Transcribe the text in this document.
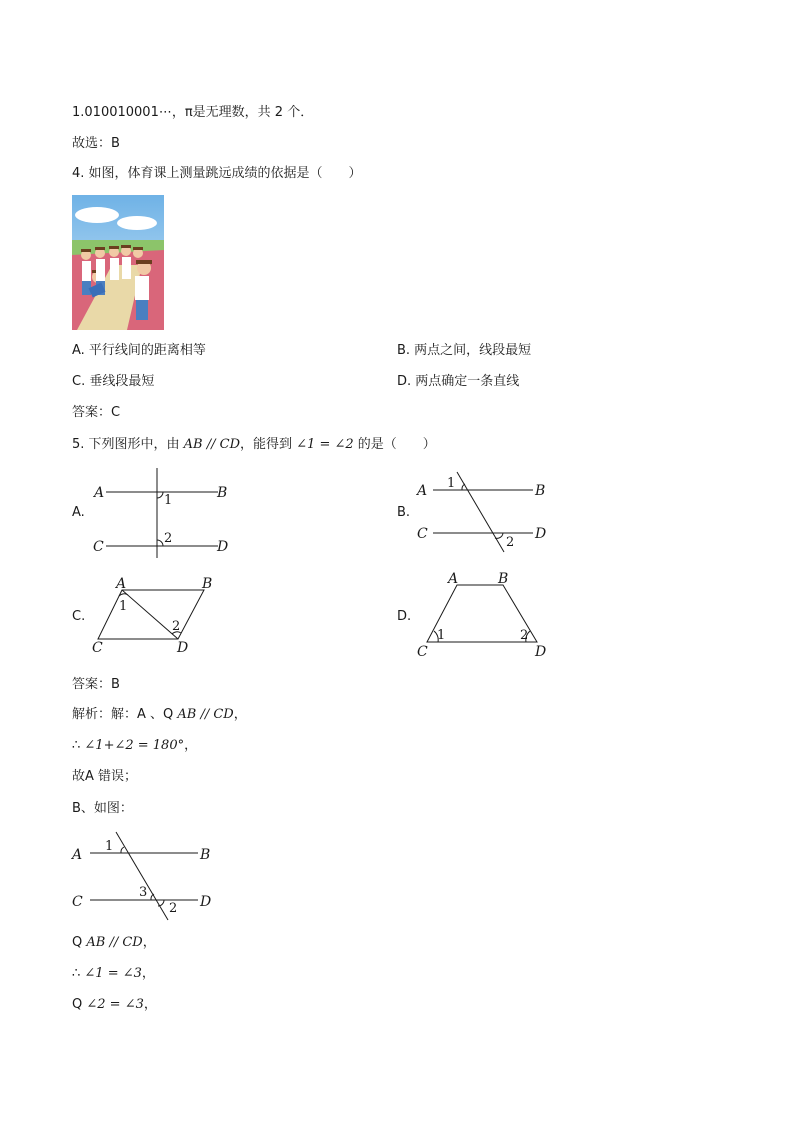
1.010010001⋯，π是无理数，共 2 个．
故选：B
4. 如图，体育课上测量跳远成绩的依据是（　　）
A. 平行线间的距离相等	B. 两点之间，线段最短
C. 垂线段最短	D. 两点确定一条直线
答案：C
5. 下列图形中，由 AB // CD，能得到 ∠1 = ∠2 的是（　　）
A.	B.
C.	D.
A	B
C	D
1
2
A	B
C	D
1
2
A	B
C	D
1
2
A	B
C	D
1	2
答案：B
解析：解：A 、Q AB // CD，
∴ ∠1+∠2 = 180°，
故A 错误；
B、如图：
A	B
C	D
1
3
2
Q AB // CD，
∴ ∠1 = ∠3，
Q ∠2 = ∠3，
